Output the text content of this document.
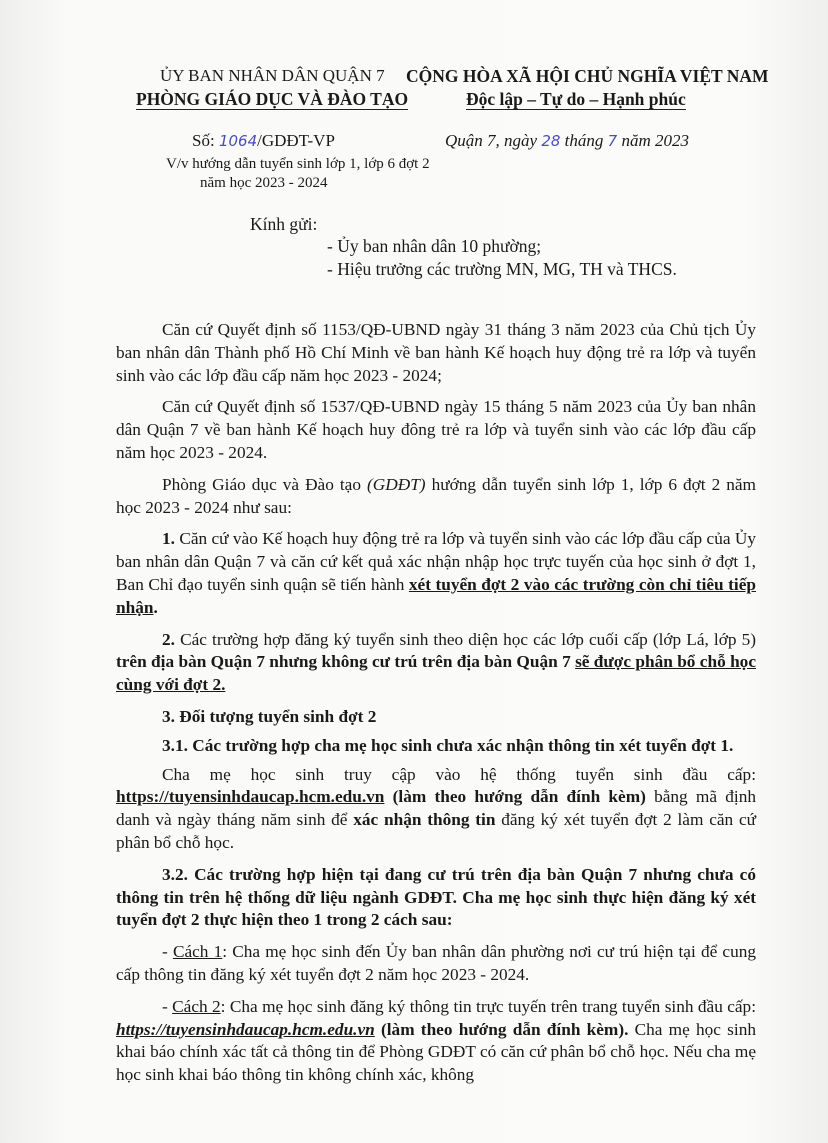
ỦY BAN NHÂN DÂN QUẬN 7
PHÒNG GIÁO DỤC VÀ ĐÀO TẠO
CỘNG HÒA XÃ HỘI CHỦ NGHĨA VIỆT NAM
Độc lập – Tự do – Hạnh phúc
Số: 1064/GDĐT-VP	Quận 7, ngày 28 tháng 7 năm 2023
V/v hướng dẫn tuyển sinh lớp 1, lớp 6 đợt 2
năm học 2023 - 2024
Kính gửi:
- Ủy ban nhân dân 10 phường;
- Hiệu trưởng các trường MN, MG, TH và THCS.

Căn cứ Quyết định số 1153/QĐ-UBND ngày 31 tháng 3 năm 2023 của Chủ tịch Ủy ban nhân dân Thành phố Hồ Chí Minh về ban hành Kế hoạch huy động trẻ ra lớp và tuyển sinh vào các lớp đầu cấp năm học 2023 - 2024;

Căn cứ Quyết định số 1537/QĐ-UBND ngày 15 tháng 5 năm 2023 của Ủy ban nhân dân Quận 7 về ban hành Kế hoạch huy đông trẻ ra lớp và tuyển sinh vào các lớp đầu cấp năm học 2023 - 2024.

Phòng Giáo dục và Đào tạo (GDĐT) hướng dẫn tuyển sinh lớp 1, lớp 6 đợt 2 năm học 2023 - 2024 như sau:

1. Căn cứ vào Kế hoạch huy động trẻ ra lớp và tuyển sinh vào các lớp đầu cấp của Ủy ban nhân dân Quận 7 và căn cứ kết quả xác nhận nhập học trực tuyến của học sinh ở đợt 1, Ban Chỉ đạo tuyển sinh quận sẽ tiến hành xét tuyển đợt 2 vào các trường còn chỉ tiêu tiếp nhận.

2. Các trường hợp đăng ký tuyển sinh theo diện học các lớp cuối cấp (lớp Lá, lớp 5) trên địa bàn Quận 7 nhưng không cư trú trên địa bàn Quận 7 sẽ được phân bổ chỗ học cùng với đợt 2.

3. Đối tượng tuyển sinh đợt 2

3.1. Các trường hợp cha mẹ học sinh chưa xác nhận thông tin xét tuyển đợt 1.

Cha mẹ học sinh truy cập vào hệ thống tuyển sinh đầu cấp: https://tuyensinhdaucap.hcm.edu.vn (làm theo hướng dẫn đính kèm) bằng mã định danh và ngày tháng năm sinh để xác nhận thông tin đăng ký xét tuyển đợt 2 làm căn cứ phân bổ chỗ học.

3.2. Các trường hợp hiện tại đang cư trú trên địa bàn Quận 7 nhưng chưa có thông tin trên hệ thống dữ liệu ngành GDĐT. Cha mẹ học sinh thực hiện đăng ký xét tuyển đợt 2 thực hiện theo 1 trong 2 cách sau:

- Cách 1: Cha mẹ học sinh đến Ủy ban nhân dân phường nơi cư trú hiện tại để cung cấp thông tin đăng ký xét tuyển đợt 2 năm học 2023 - 2024.

- Cách 2: Cha mẹ học sinh đăng ký thông tin trực tuyến trên trang tuyển sinh đầu cấp: https://tuyensinhdaucap.hcm.edu.vn (làm theo hướng dẫn đính kèm). Cha mẹ học sinh khai báo chính xác tất cả thông tin để Phòng GDĐT có căn cứ phân bổ chỗ học. Nếu cha mẹ học sinh khai báo thông tin không chính xác, không
